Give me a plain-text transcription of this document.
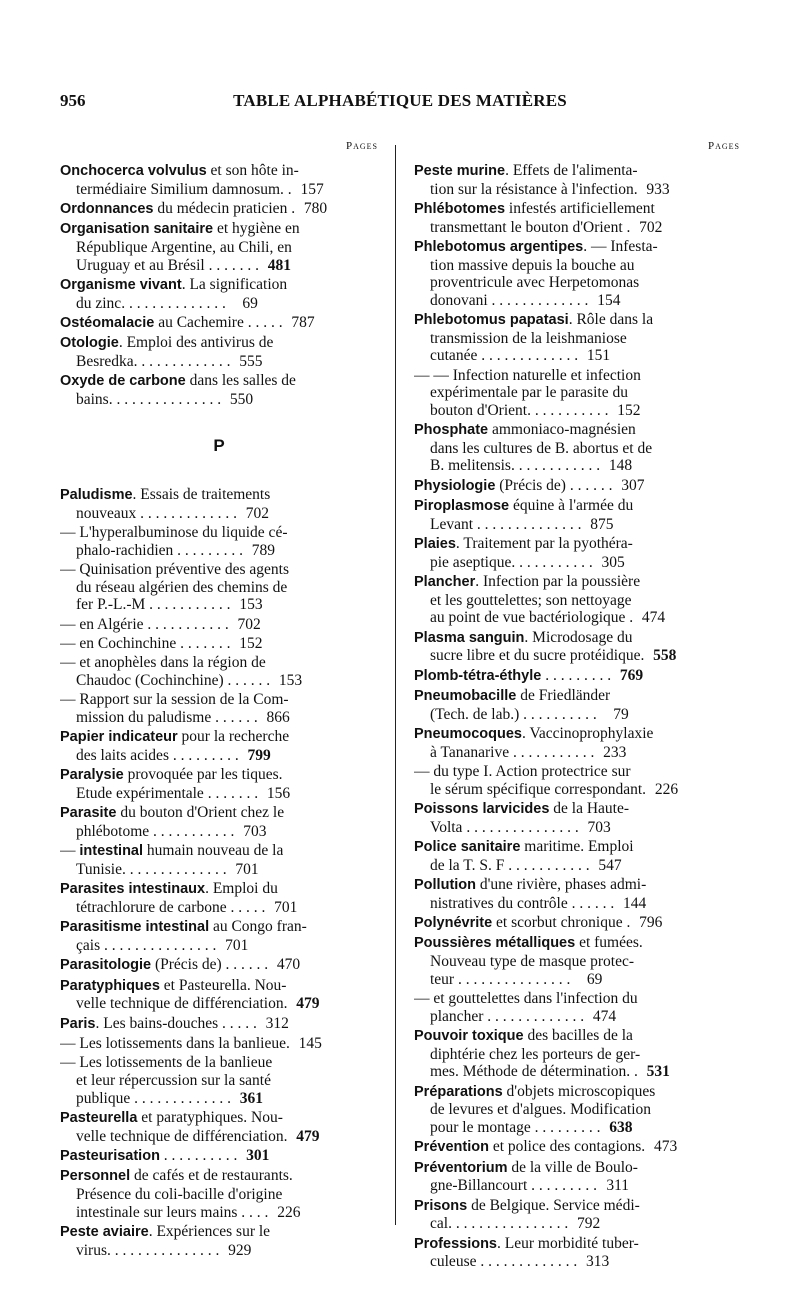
956	TABLE ALPHABÉTIQUE DES MATIÈRES
Pages
Onchocerca volvulus et son hôte in-
termédiaire Similium damnosum. . 157
Ordonnances du médecin praticien . 780
Organisation sanitaire et hygiène en
République Argentine, au Chili, en
Uruguay et au Brésil . . . . . . . 481
Organisme vivant. La signification
du zinc. . . . . . . . . . . . . .	69
Ostéomalacie au Cachemire . . . . . 787
Otologie. Emploi des antivirus de
Besredka. . . . . . . . . . . . . 555
Oxyde de carbone dans les salles de
bains. . . . . . . . . . . . . . . 550
P
Paludisme. Essais de traitements
nouveaux . . . . . . . . . . . . . 702
— L'hyperalbuminose du liquide cé-
phalo-rachidien . . . . . . . . . 789
— Quinisation préventive des agents
du réseau algérien des chemins de
fer P.-L.-M . . . . . . . . . . . 153
— en Algérie . . . . . . . . . . . 702
— en Cochinchine . . . . . . . 152
— et anophèles dans la région de
Chaudoc (Cochinchine) . . . . . . 153
— Rapport sur la session de la Com-
mission du paludisme . . . . . . 866
Papier indicateur pour la recherche
des laits acides . . . . . . . . . 799
Paralysie provoquée par les tiques.
Etude expérimentale . . . . . . . 156
Parasite du bouton d'Orient chez le
phlébotome . . . . . . . . . . . 703
— intestinal humain nouveau de la
Tunisie. . . . . . . . . . . . . . 701
Parasites intestinaux. Emploi du
tétrachlorure de carbone . . . . . 701
Parasitisme intestinal au Congo fran-
çais . . . . . . . . . . . . . . . 701
Parasitologie (Précis de) . . . . . . 470
Paratyphiques et Pasteurella. Nou-
velle technique de différenciation. 479
Paris. Les bains-douches . . . . . 312
— Les lotissements dans la banlieue. 145
— Les lotissements de la banlieue
et leur répercussion sur la santé
publique . . . . . . . . . . . . . 361
Pasteurella et paratyphiques. Nou-
velle technique de différenciation. 479
Pasteurisation . . . . . . . . . . 301
Personnel de cafés et de restaurants.
Présence du coli-bacille d'origine
intestinale sur leurs mains . . . . 226
Peste aviaire. Expériences sur le
virus. . . . . . . . . . . . . . . 929
Pages
Peste murine. Effets de l'alimenta-
tion sur la résistance à l'infection. 933
Phlébotomes infestés artificiellement
transmettant le bouton d'Orient . 702
Phlebotomus argentipes. — Infesta-
tion massive depuis la bouche au
proventricule avec Herpetomonas
donovani . . . . . . . . . . . . . 154
Phlebotomus papatasi. Rôle dans la
transmission de la leishmaniose
cutanée . . . . . . . . . . . . . 151
— — Infection naturelle et infection
expérimentale par le parasite du
bouton d'Orient. . . . . . . . . . . 152
Phosphate ammoniaco-magnésien
dans les cultures de B. abortus et de
B. melitensis. . . . . . . . . . . . 148
Physiologie (Précis de) . . . . . . 307
Piroplasmose équine à l'armée du
Levant . . . . . . . . . . . . . . 875
Plaies. Traitement par la pyothéra-
pie aseptique. . . . . . . . . . . 305
Plancher. Infection par la poussière
et les gouttelettes; son nettoyage
au point de vue bactériologique . 474
Plasma sanguin. Microdosage du
sucre libre et du sucre protéidique. 558
Plomb-tétra-éthyle . . . . . . . . . 769
Pneumobacille de Friedländer
(Tech. de lab.) . . . . . . . . . .	79
Pneumocoques. Vaccinoprophylaxie
à Tananarive . . . . . . . . . . . 233
— du type I. Action protectrice sur
le sérum spécifique correspondant. 226
Poissons larvicides de la Haute-
Volta . . . . . . . . . . . . . . . 703
Police sanitaire maritime. Emploi
de la T. S. F . . . . . . . . . . . 547
Pollution d'une rivière, phases admi-
nistratives du contrôle . . . . . . 144
Polynévrite et scorbut chronique . 796
Poussières métalliques et fumées.
Nouveau type de masque protec-
teur . . . . . . . . . . . . . . .	69
— et gouttelettes dans l'infection du
plancher . . . . . . . . . . . . . 474
Pouvoir toxique des bacilles de la
diphtérie chez les porteurs de ger-
mes. Méthode de détermination. . 531
Préparations d'objets microscopiques
de levures et d'algues. Modification
pour le montage . . . . . . . . . 638
Prévention et police des contagions. 473
Préventorium de la ville de Boulo-
gne-Billancourt . . . . . . . . . 311
Prisons de Belgique. Service médi-
cal. . . . . . . . . . . . . . . . 792
Professions. Leur morbidité tuber-
culeuse . . . . . . . . . . . . . 313
